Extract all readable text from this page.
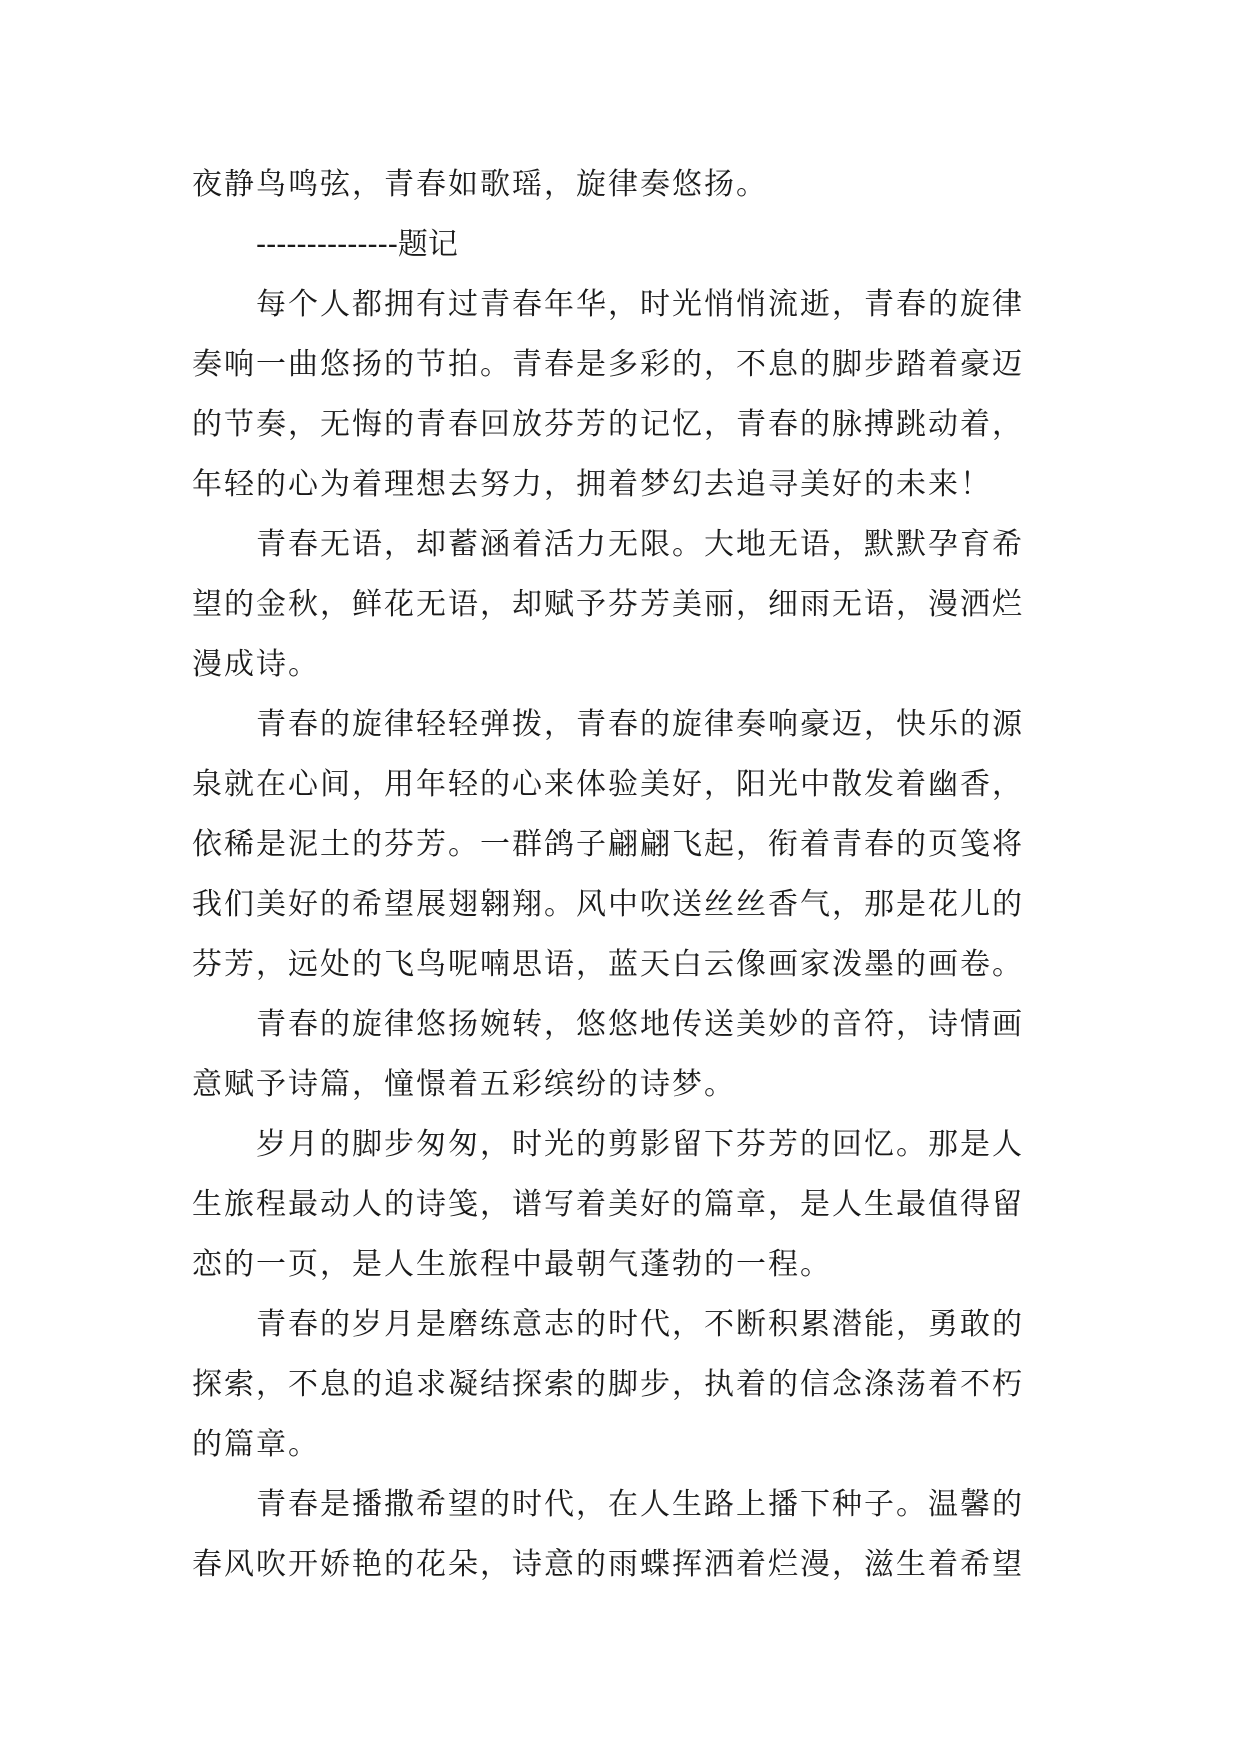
夜静鸟鸣弦，青春如歌瑶，旋律奏悠扬。
--------------题记
每个人都拥有过青春年华，时光悄悄流逝，青春的旋律
奏响一曲悠扬的节拍。青春是多彩的，不息的脚步踏着豪迈
的节奏，无悔的青春回放芬芳的记忆，青春的脉搏跳动着，
年轻的心为着理想去努力，拥着梦幻去追寻美好的未来！
青春无语，却蓄涵着活力无限。大地无语，默默孕育希
望的金秋，鲜花无语，却赋予芬芳美丽，细雨无语，漫洒烂
漫成诗。
青春的旋律轻轻弹拨，青春的旋律奏响豪迈，快乐的源
泉就在心间，用年轻的心来体验美好，阳光中散发着幽香，
依稀是泥土的芬芳。一群鸽子翩翩飞起，衔着青春的页笺将
我们美好的希望展翅翱翔。风中吹送丝丝香气，那是花儿的
芬芳，远处的飞鸟呢喃思语，蓝天白云像画家泼墨的画卷。
青春的旋律悠扬婉转，悠悠地传送美妙的音符，诗情画
意赋予诗篇，憧憬着五彩缤纷的诗梦。
岁月的脚步匆匆，时光的剪影留下芬芳的回忆。那是人
生旅程最动人的诗笺，谱写着美好的篇章，是人生最值得留
恋的一页，是人生旅程中最朝气蓬勃的一程。
青春的岁月是磨练意志的时代，不断积累潜能，勇敢的
探索，不息的追求凝结探索的脚步，执着的信念涤荡着不朽
的篇章。
青春是播撒希望的时代，在人生路上播下种子。温馨的
春风吹开娇艳的花朵，诗意的雨蝶挥洒着烂漫，滋生着希望
